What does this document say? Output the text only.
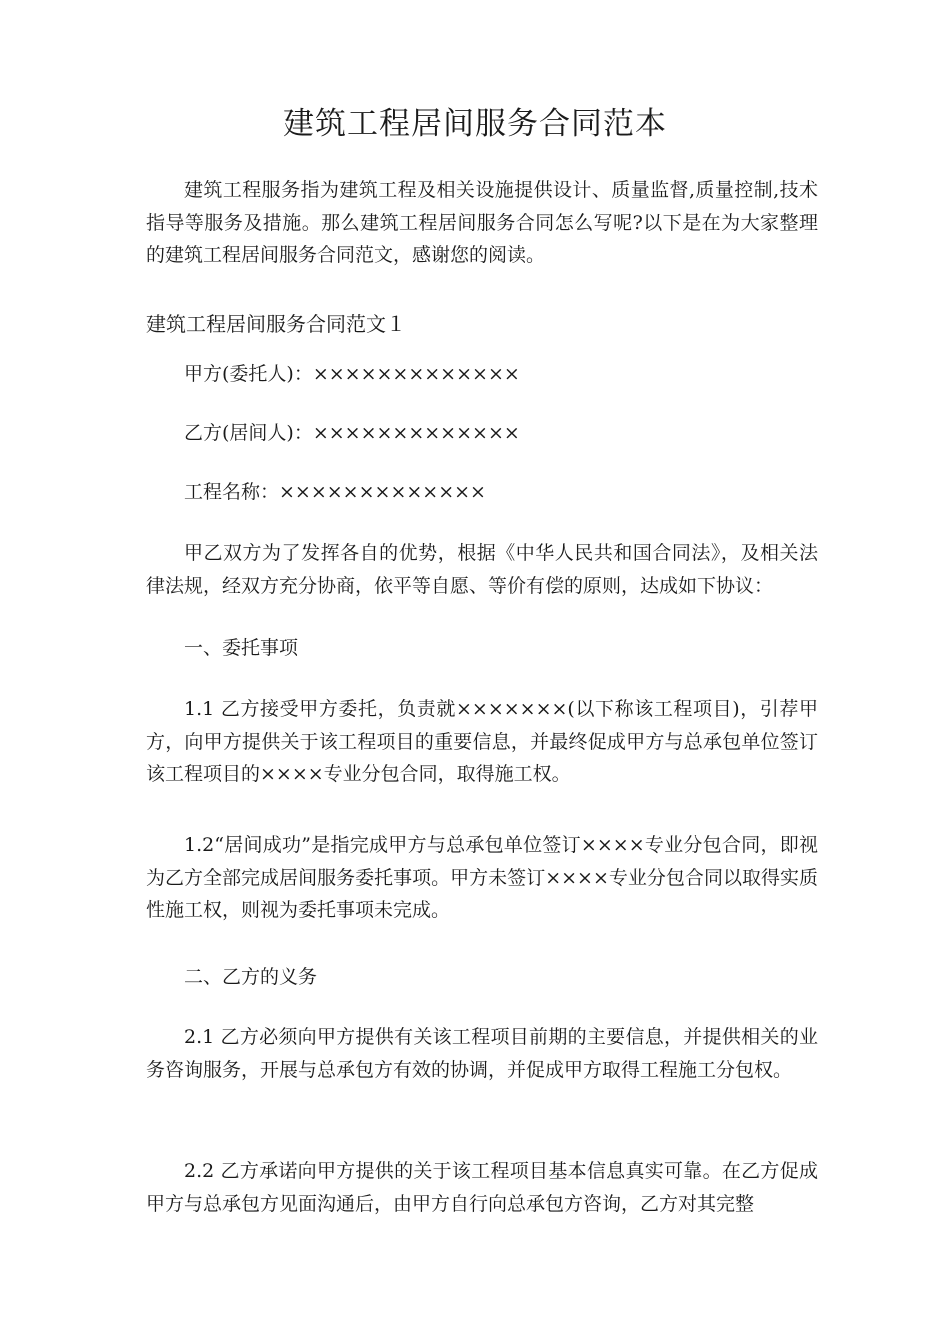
建筑工程居间服务合同范本

建筑工程服务指为建筑工程及相关设施提供设计、质量监督,质量控制,技术指导等服务及措施。那么建筑工程居间服务合同怎么写呢?以下是在为大家整理的建筑工程居间服务合同范文，感谢您的阅读。

建筑工程居间服务合同范文１

甲方(委托人)：×××××××××××××

乙方(居间人)：×××××××××××××

工程名称：×××××××××××××

甲乙双方为了发挥各自的优势，根据《中华人民共和国合同法》，及相关法律法规，经双方充分协商，依平等自愿、等价有偿的原则，达成如下协议：

一、委托事项

1.1 乙方接受甲方委托，负责就×××××××(以下称该工程项目)，引荐甲方，向甲方提供关于该工程项目的重要信息，并最终促成甲方与总承包单位签订该工程项目的××××专业分包合同，取得施工权。

1.2“居间成功”是指完成甲方与总承包单位签订××××专业分包合同，即视为乙方全部完成居间服务委托事项。甲方未签订××××专业分包合同以取得实质性施工权，则视为委托事项未完成。

二、乙方的义务

2.1 乙方必须向甲方提供有关该工程项目前期的主要信息，并提供相关的业务咨询服务，开展与总承包方有效的协调，并促成甲方取得工程施工分包权。

2.2 乙方承诺向甲方提供的关于该工程项目基本信息真实可靠。在乙方促成甲方与总承包方见面沟通后，由甲方自行向总承包方咨询，乙方对其完整
